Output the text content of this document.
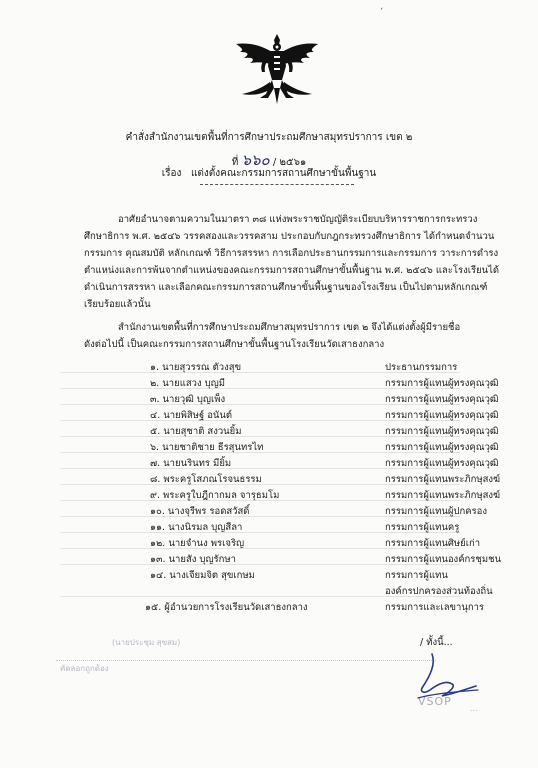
´
คำสั่งสำนักงานเขตพื้นที่การศึกษาประถมศึกษาสมุทรปราการ เขต ๒
ที่ ๖๖๐ / ๒๕๖๑
เรื่อง แต่งตั้งคณะกรรมการสถานศึกษาขั้นพื้นฐาน
อาศัยอำนาจตามความในมาตรา ๓๘ แห่งพระราชบัญญัติระเบียบบริหารราชการกระทรวง
ศึกษาธิการ พ.ศ. ๒๕๔๖ วรรคสองและวรรคสาม ประกอบกับกฎกระทรวงศึกษาธิการ ได้กำหนดจำนวน
กรรมการ คุณสมบัติ หลักเกณฑ์ วิธีการสรรหา การเลือกประธานกรรมการและกรรมการ วาระการดำรง
ตำแหน่งและการพ้นจากตำแหน่งของคณะกรรมการสถานศึกษาขั้นพื้นฐาน พ.ศ. ๒๕๔๖ และโรงเรียนได้
ดำเนินการสรรหา และเลือกคณะกรรมการสถานศึกษาขั้นพื้นฐานของโรงเรียน เป็นไปตามหลักเกณฑ์
เรียบร้อยแล้วนั้น
สำนักงานเขตพื้นที่การศึกษาประถมศึกษาสมุทรปราการ เขต ๒ จึงได้แต่งตั้งผู้มีรายชื่อ
ดังต่อไปนี้ เป็นคณะกรรมการสถานศึกษาขั้นพื้นฐานโรงเรียนวัดเสาธงกลาง
๑. นายสุวรรณ ตัวงสุข	ประธานกรรมการ
๒. นายแสวง บุญมี	กรรมการผู้แทนผู้ทรงคุณวุฒิ
๓. นายวุฒิ บุญเพ็ง	กรรมการผู้แทนผู้ทรงคุณวุฒิ
๔. นายพิสิษฐ์ อนันต์	กรรมการผู้แทนผู้ทรงคุณวุฒิ
๕. นายสุชาติ สงวนยิ้ม	กรรมการผู้แทนผู้ทรงคุณวุฒิ
๖. นายชาติชาย ธีรสุนทรไท	กรรมการผู้แทนผู้ทรงคุณวุฒิ
๗. นายนรินทร มียิ้ม	กรรมการผู้แทนผู้ทรงคุณวุฒิ
๘. พระครูโสภณโรจนธรรม	กรรมการผู้แทนพระภิกษุสงฆ์
๙. พระครูใบฎีกากมล จารุธมโม	กรรมการผู้แทนพระภิกษุสงฆ์
๑๐. นางจุรีพร รอดสวัสดิ์	กรรมการผู้แทนผู้ปกครอง
๑๑. นางนิรมล บุญสีลา	กรรมการผู้แทนครู
๑๒. นายจำนง พรเจริญ	กรรมการผู้แทนศิษย์เก่า
๑๓. นายสัง บุญรักษา	กรรมการผู้แทนองค์กรชุมชน
๑๔. นางเจียมจิต สุขเกษม	กรรมการผู้แทน
องค์กรปกครองส่วนท้องถิ่น
๑๕. ผู้อำนวยการโรงเรียนวัดเสาธงกลาง	กรรมการและเลขานุการ
(นายประชุม สุขสม)
VSOP
คัดลอกถูกต้อง
...
/ ทั้งนี้...
